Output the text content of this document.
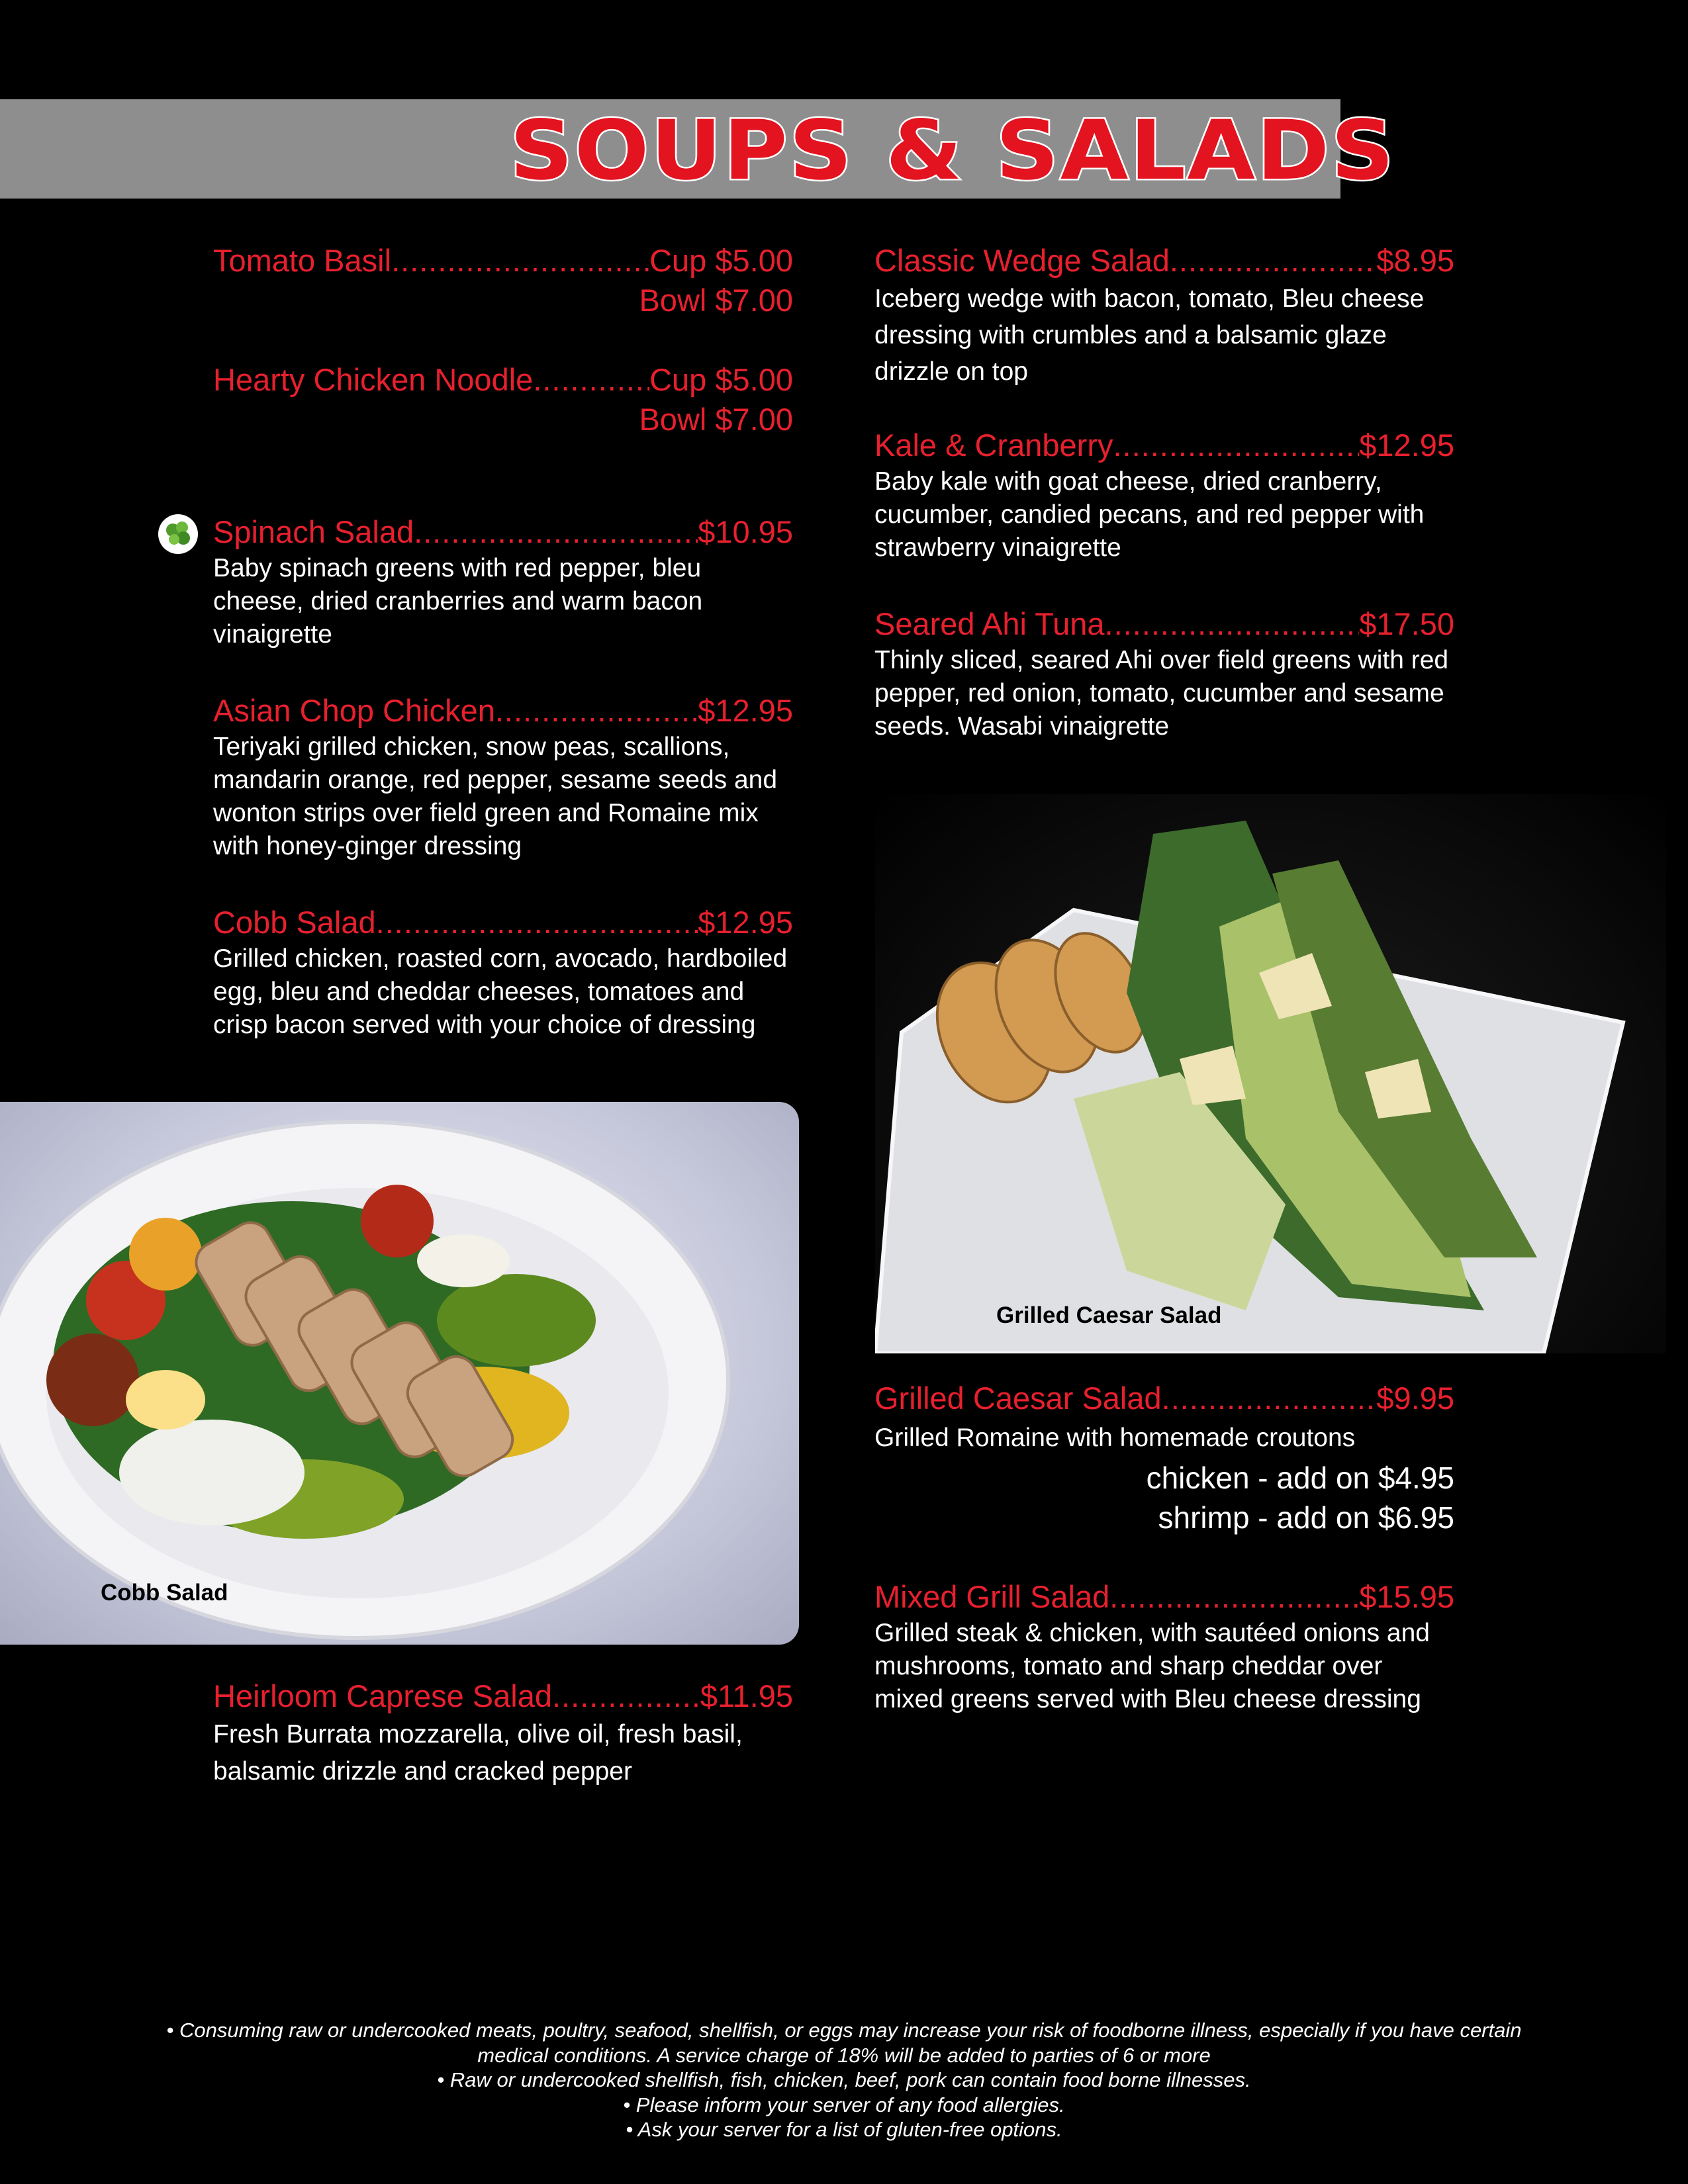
SOUPS & SALADS
Tomato Basil .....	Cup $5.00
Bowl $7.00
Hearty Chicken Noodle .....	Cup $5.00
Bowl $7.00
Spinach Salad .....	$10.95
Baby spinach greens with red pepper, bleu cheese, dried cranberries and warm bacon vinaigrette
Asian Chop Chicken .....	$12.95
Teriyaki grilled chicken, snow peas, scallions, mandarin orange, red pepper, sesame seeds and wonton strips over field green and Romaine mix with honey-ginger dressing
Cobb Salad .....	$12.95
Grilled chicken, roasted corn, avocado, hardboiled egg, bleu and cheddar cheeses, tomatoes and crisp bacon served with your choice of dressing
Heirloom Caprese Salad .....	$11.95
Fresh Burrata mozzarella, olive oil, fresh basil, balsamic drizzle and cracked pepper
Classic Wedge Salad .....	$8.95
Iceberg wedge with bacon, tomato, Bleu cheese dressing with crumbles and a balsamic glaze drizzle on top
Kale & Cranberry .....	$12.95
Baby kale with goat cheese, dried cranberry, cucumber, candied pecans, and red pepper with strawberry vinaigrette
Seared Ahi Tuna .....	$17.50
Thinly sliced, seared Ahi over field greens with red pepper, red onion, tomato, cucumber and sesame seeds. Wasabi vinaigrette
Grilled Caesar Salad .....	$9.95
Grilled Romaine with homemade croutons
chicken - add on $4.95
shrimp - add on $6.95
Mixed Grill Salad .....	$15.95
Grilled steak & chicken, with sautéed onions and mushrooms, tomato and sharp cheddar over mixed greens served with Bleu cheese dressing
Cobb Salad
Grilled Caesar Salad
• Consuming raw or undercooked meats, poultry, seafood, shellfish, or eggs may increase your risk of foodborne illness, especially if you have certain
medical conditions. A service charge of 18% will be added to parties of 6 or more
• Raw or undercooked shellfish, fish, chicken, beef, pork can contain food borne illnesses.
• Please inform your server of any food allergies.
• Ask your server for a list of gluten-free options.
